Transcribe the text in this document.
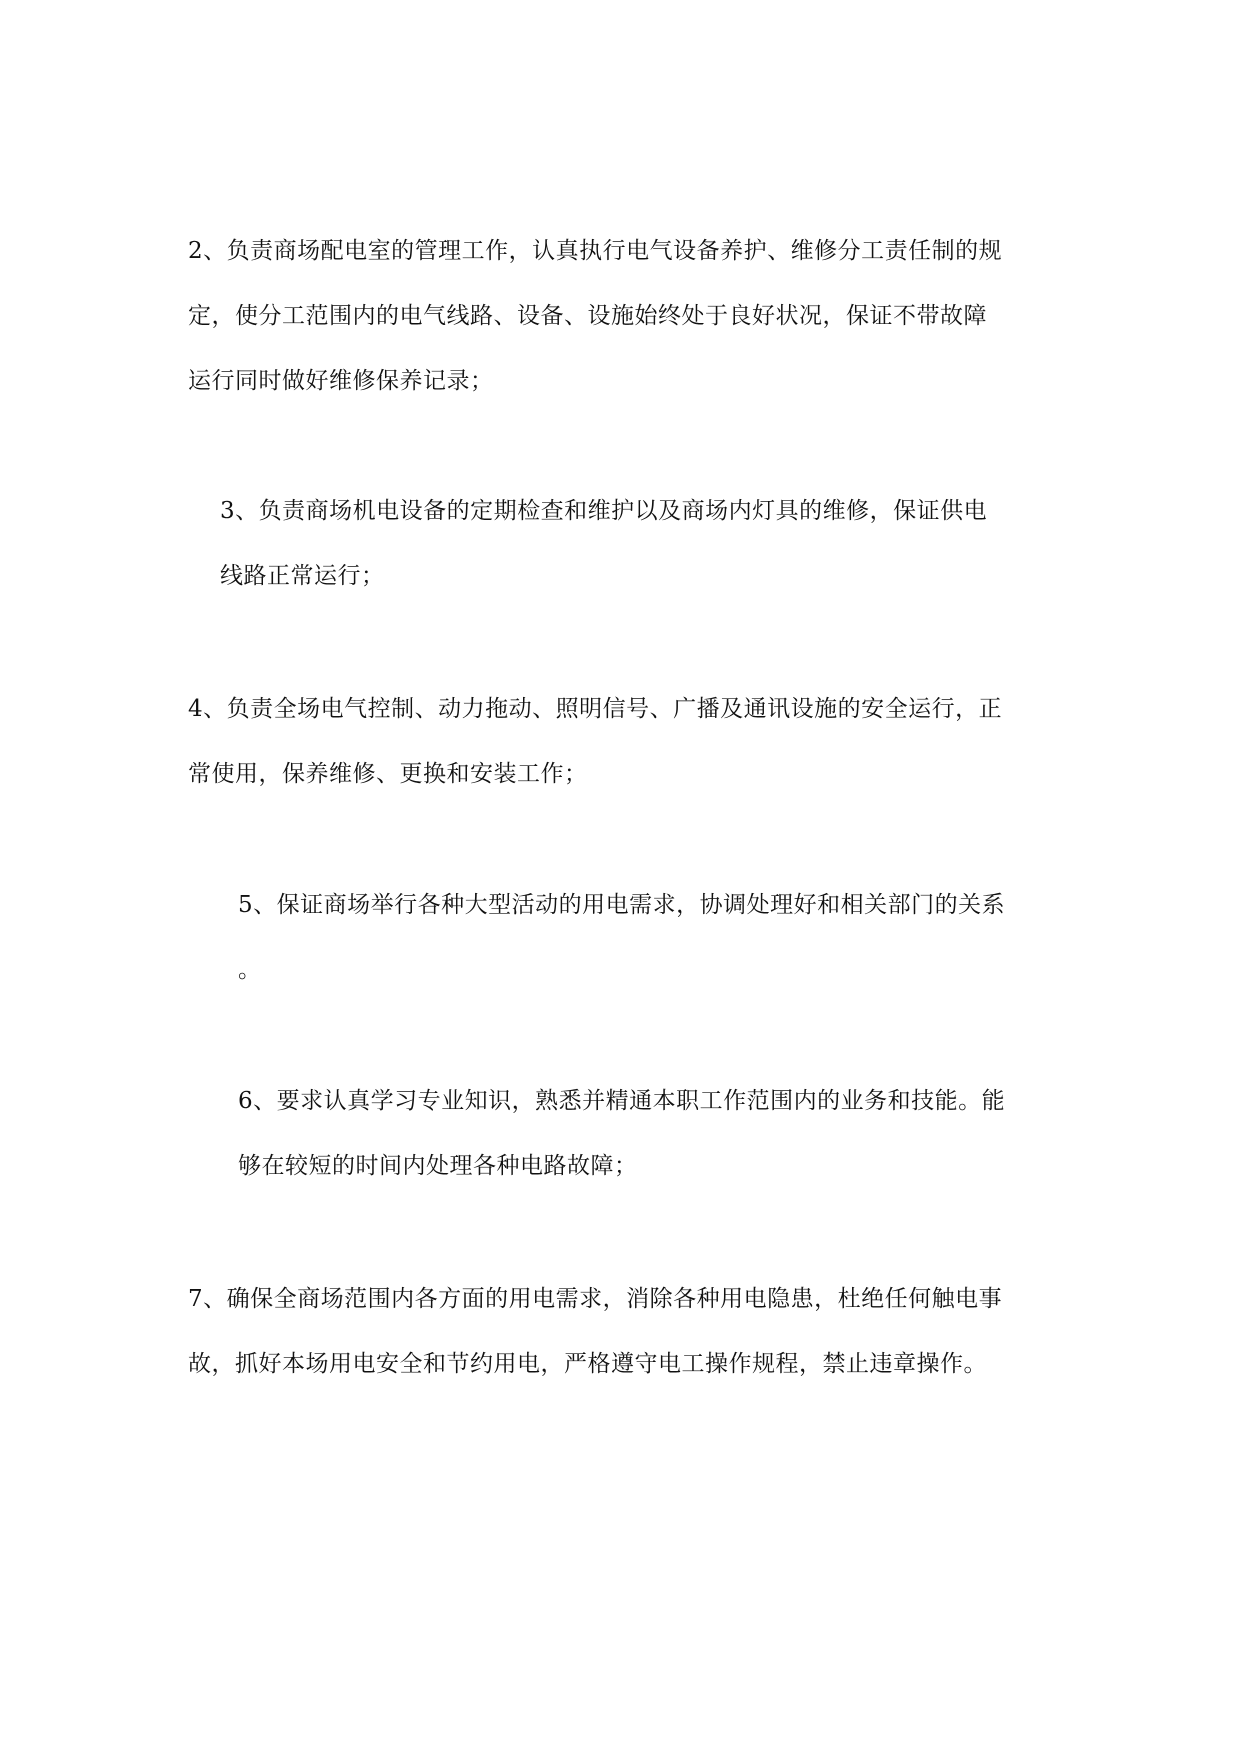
2、负责商场配电室的管理工作，认真执行电气设备养护、维修分工责任制的规
定，使分工范围内的电气线路、设备、设施始终处于良好状况，保证不带故障
运行同时做好维修保养记录；
3、负责商场机电设备的定期检查和维护以及商场内灯具的维修，保证供电
线路正常运行；
4、负责全场电气控制、动力拖动、照明信号、广播及通讯设施的安全运行，正
常使用，保养维修、更换和安装工作；
5、保证商场举行各种大型活动的用电需求，协调处理好和相关部门的关系
。
6、要求认真学习专业知识，熟悉并精通本职工作范围内的业务和技能。能
够在较短的时间内处理各种电路故障；
7、确保全商场范围内各方面的用电需求，消除各种用电隐患，杜绝任何触电事
故，抓好本场用电安全和节约用电，严格遵守电工操作规程，禁止违章操作。
